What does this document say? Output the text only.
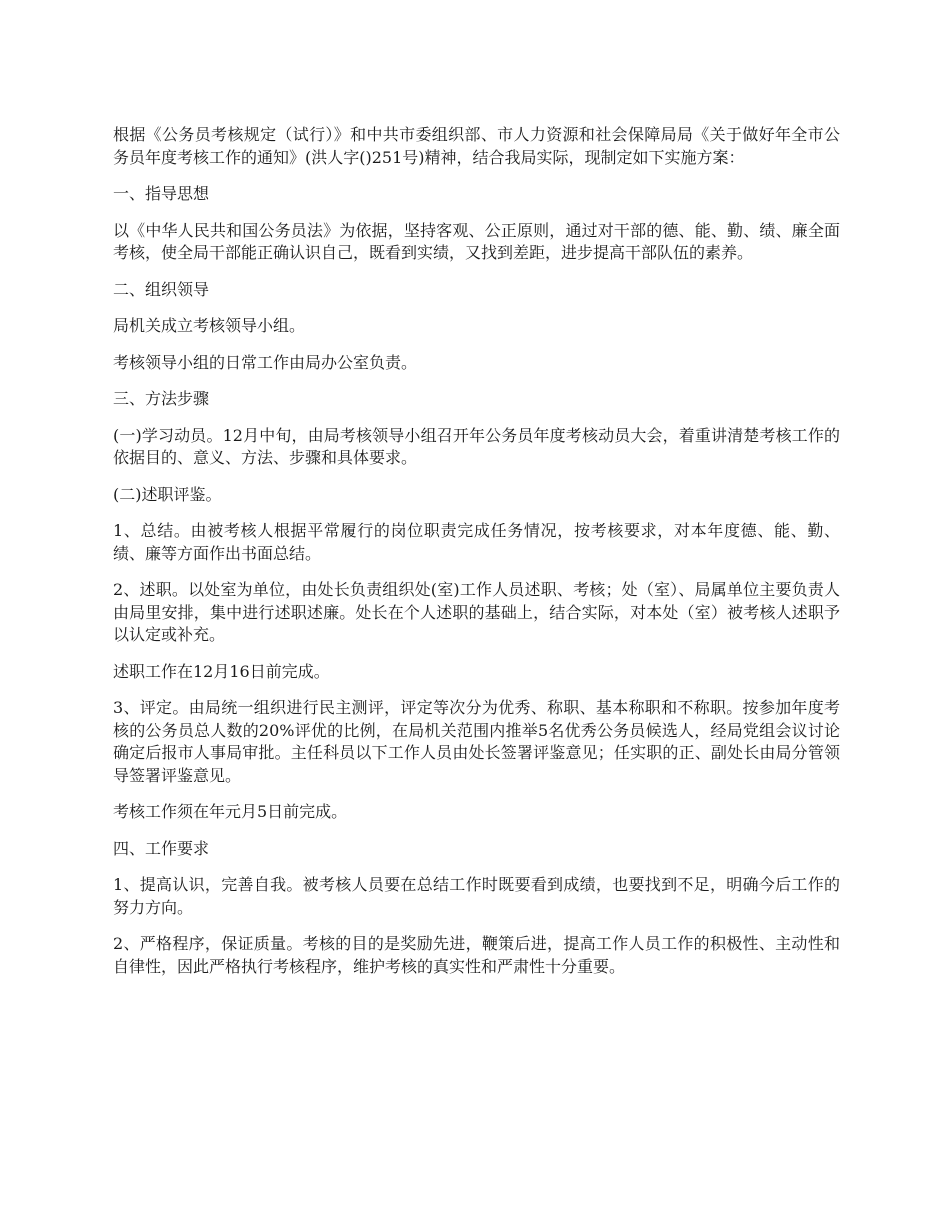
根据《公务员考核规定（试行）》和中共市委组织部、市人力资源和社会保障局局《关于做好年全市公务员年度考核工作的通知》(洪人字()251号)精神，结合我局实际，现制定如下实施方案：

一、指导思想

以《中华人民共和国公务员法》为依据，坚持客观、公正原则，通过对干部的德、能、勤、绩、廉全面考核，使全局干部能正确认识自己，既看到实绩，又找到差距，进步提高干部队伍的素养。

二、组织领导

局机关成立考核领导小组。

考核领导小组的日常工作由局办公室负责。

三、方法步骤

(一)学习动员。12月中旬，由局考核领导小组召开年公务员年度考核动员大会，着重讲清楚考核工作的依据目的、意义、方法、步骤和具体要求。

(二)述职评鉴。

1、总结。由被考核人根据平常履行的岗位职责完成任务情况，按考核要求，对本年度德、能、勤、绩、廉等方面作出书面总结。

2、述职。以处室为单位，由处长负责组织处(室)工作人员述职、考核；处（室）、局属单位主要负责人由局里安排，集中进行述职述廉。处长在个人述职的基础上，结合实际，对本处（室）被考核人述职予以认定或补充。

述职工作在12月16日前完成。

3、评定。由局统一组织进行民主测评，评定等次分为优秀、称职、基本称职和不称职。按参加年度考核的公务员总人数的20%评优的比例，在局机关范围内推举5名优秀公务员候选人，经局党组会议讨论确定后报市人事局审批。主任科员以下工作人员由处长签署评鉴意见；任实职的正、副处长由局分管领导签署评鉴意见。

考核工作须在年元月5日前完成。

四、工作要求

1、提高认识，完善自我。被考核人员要在总结工作时既要看到成绩，也要找到不足，明确今后工作的努力方向。

2、严格程序，保证质量。考核的目的是奖励先进，鞭策后进，提高工作人员工作的积极性、主动性和自律性，因此严格执行考核程序，维护考核的真实性和严肃性十分重要。
